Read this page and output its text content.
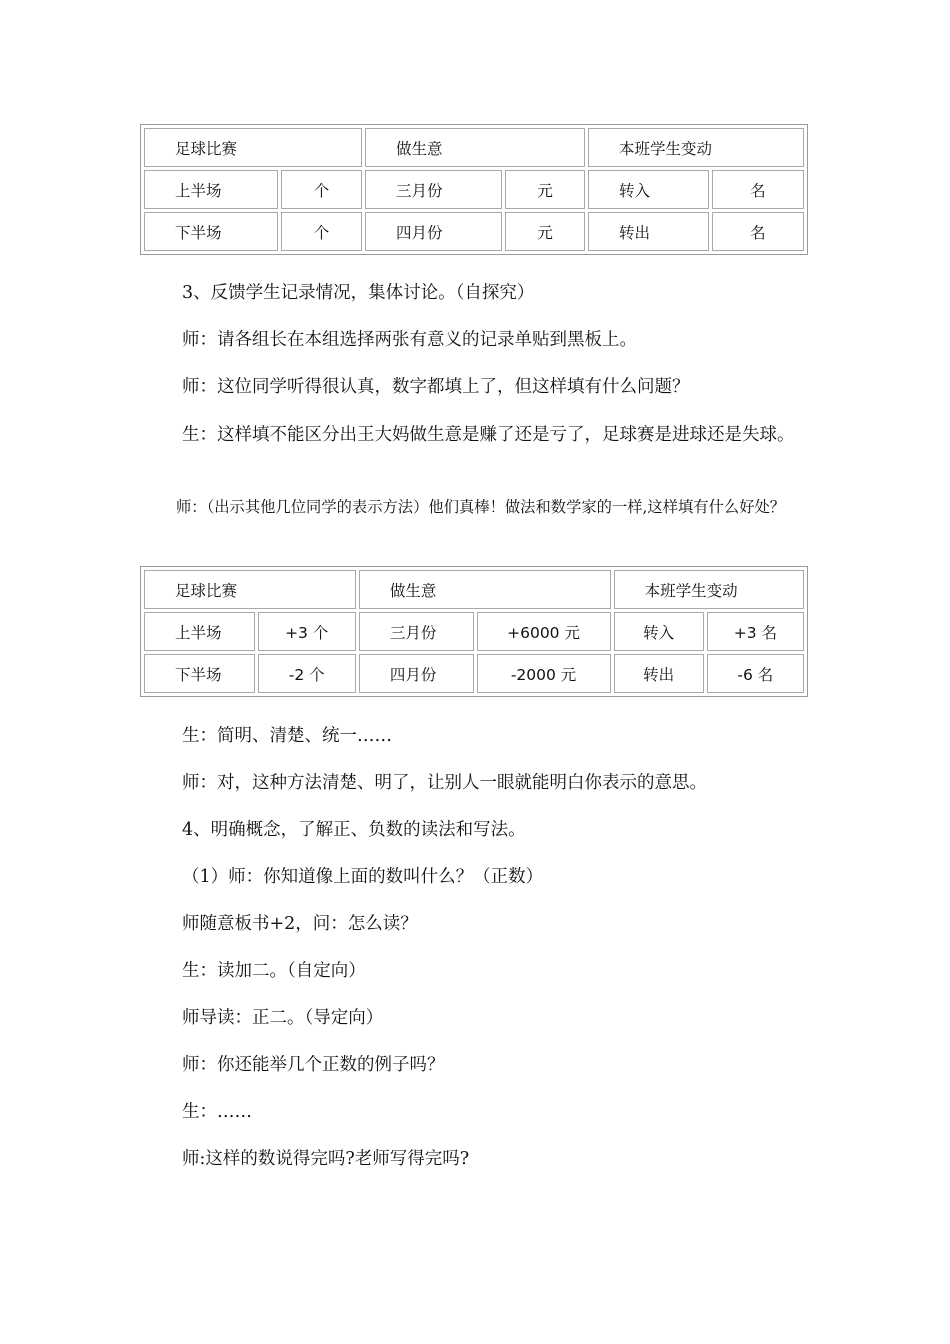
足球比赛		做生意		本班学生变动	
上半场	个	三月份	元	转入	名
下半场	个	四月份	元	转出	名

3、反馈学生记录情况，集体讨论。（自探究）

师：请各组长在本组选择两张有意义的记录单贴到黑板上。

师：这位同学听得很认真，数字都填上了，但这样填有什么问题？

生：这样填不能区分出王大妈做生意是赚了还是亏了，足球赛是进球还是失球。

师：（出示其他几位同学的表示方法）他们真棒！做法和数学家的一样,这样填有什么好处？

足球比赛		做生意		本班学生变动	
上半场	+3 个	三月份	+6000 元	转入	+3 名
下半场	-2 个	四月份	-2000 元	转出	-6 名

生：简明、清楚、统一……

师：对，这种方法清楚、明了，让别人一眼就能明白你表示的意思。

4、明确概念，了解正、负数的读法和写法。

（1）师：你知道像上面的数叫什么？（正数）

师随意板书+2，问：怎么读？

生：读加二。（自定向）

师导读：正二。（导定向）

师：你还能举几个正数的例子吗？

生：……

师:这样的数说得完吗?老师写得完吗?
